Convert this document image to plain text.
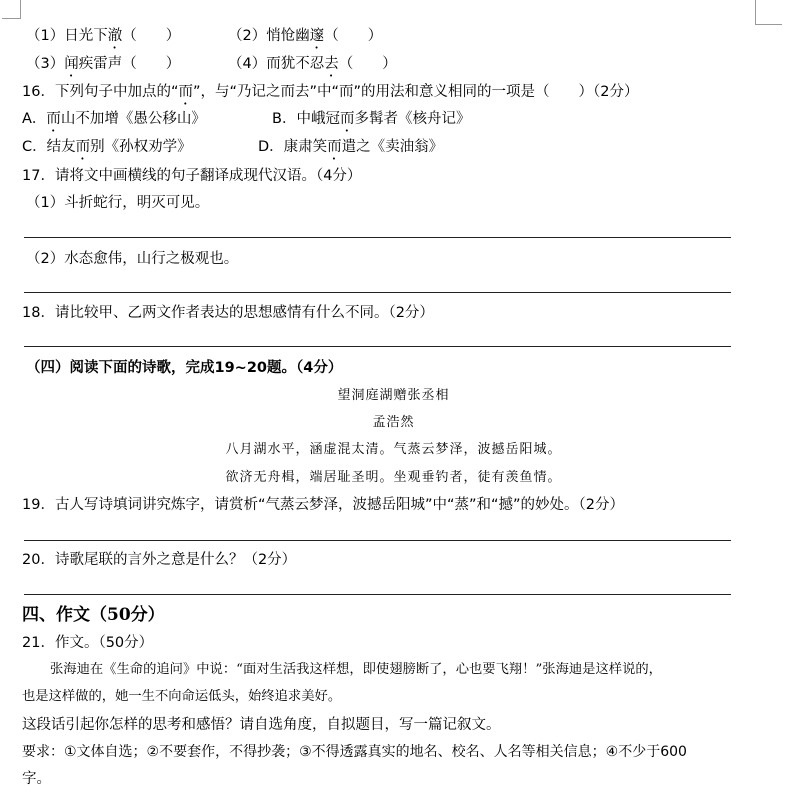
（1）日光下澈（　　）	（2）悄怆幽邃（　　）
（3）闻疾雷声（　　）	（4）而犹不忍去（　　）
16．下列句子中加点的“而”，与“乃记之而去”中“而”的用法和意义相同的一项是（　　）（2分）
A．而山不加增《愚公移山》	B．中峨冠而多髯者《核舟记》
C．结友而别《孙权劝学》	D．康肃笑而遣之《卖油翁》
17．请将文中画横线的句子翻译成现代汉语。（4分）
（1）斗折蛇行，明灭可见。
（2）水态愈伟，山行之极观也。
18．请比较甲、乙两文作者表达的思想感情有什么不同。（2分）
（四）阅读下面的诗歌，完成19~20题。（4分）
望洞庭湖赠张丞相
孟浩然
八月湖水平，涵虚混太清。气蒸云梦泽，波撼岳阳城。
欲济无舟楫，端居耻圣明。坐观垂钓者，徒有羡鱼情。
19．古人写诗填词讲究炼字，请赏析“气蒸云梦泽，波撼岳阳城”中“蒸”和“撼”的妙处。（2分）
20．诗歌尾联的言外之意是什么？（2分）
四、作文（50分）
21．作文。（50分）
张海迪在《生命的追问》中说：“面对生活我这样想，即使翅膀断了，心也要飞翔！”张海迪是这样说的，
也是这样做的，她一生不向命运低头，始终追求美好。
这段话引起你怎样的思考和感悟？请自选角度，自拟题目，写一篇记叙文。
要求：①文体自选；②不要套作，不得抄袭；③不得透露真实的地名、校名、人名等相关信息；④不少于600
字。
